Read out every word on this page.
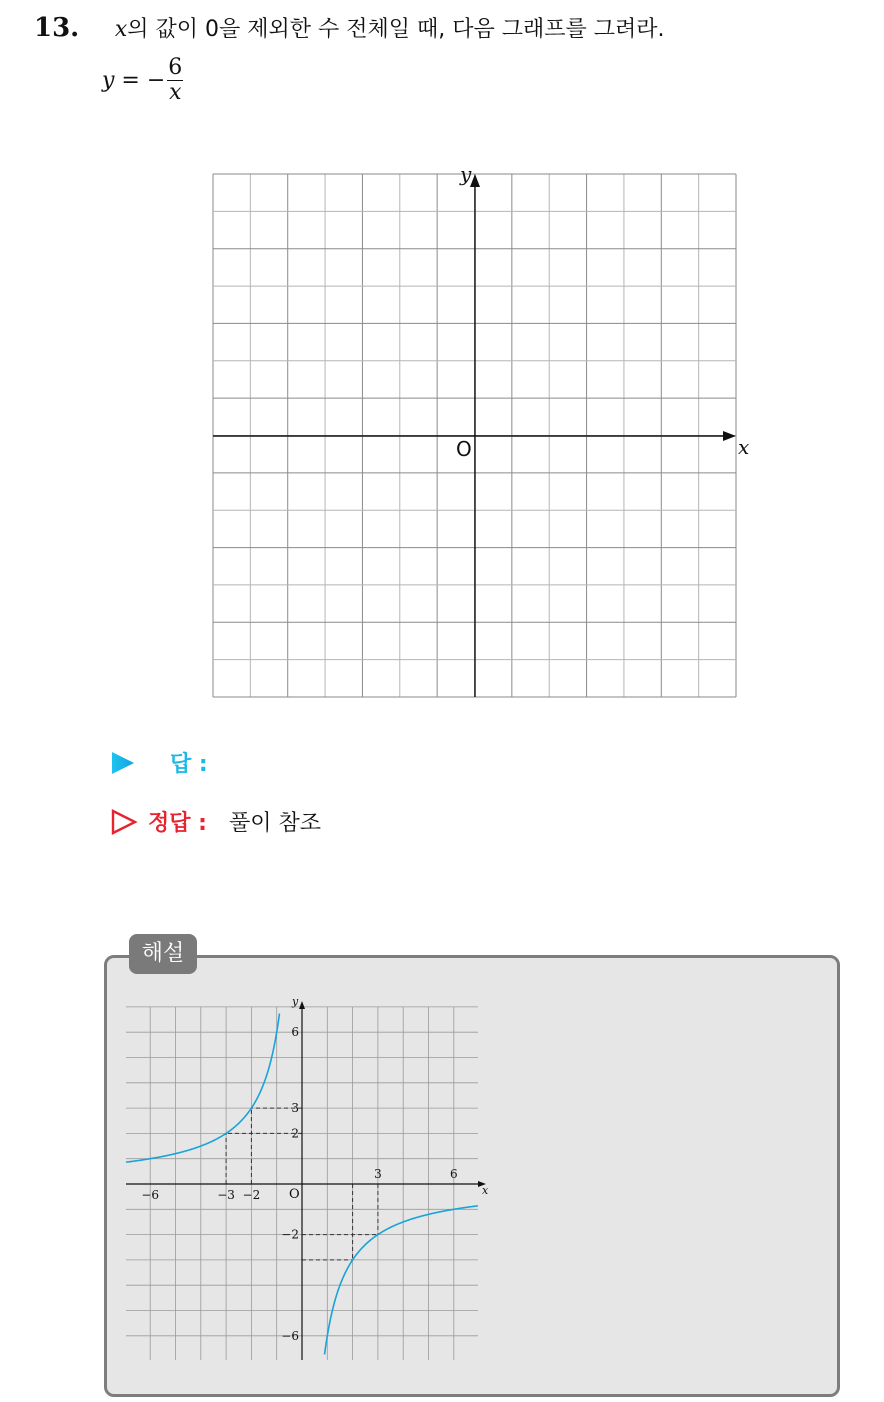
13. x의 값이 0을 제외한 수 전체일 때, 다음 그래프를 그려라.
y = − $\frac{6}{x}$
x
y
O
답 :
정답 : 풀이 참조
해설
x
y
O
−6	−3 −2
3	6
6
3
2
−2
−6
